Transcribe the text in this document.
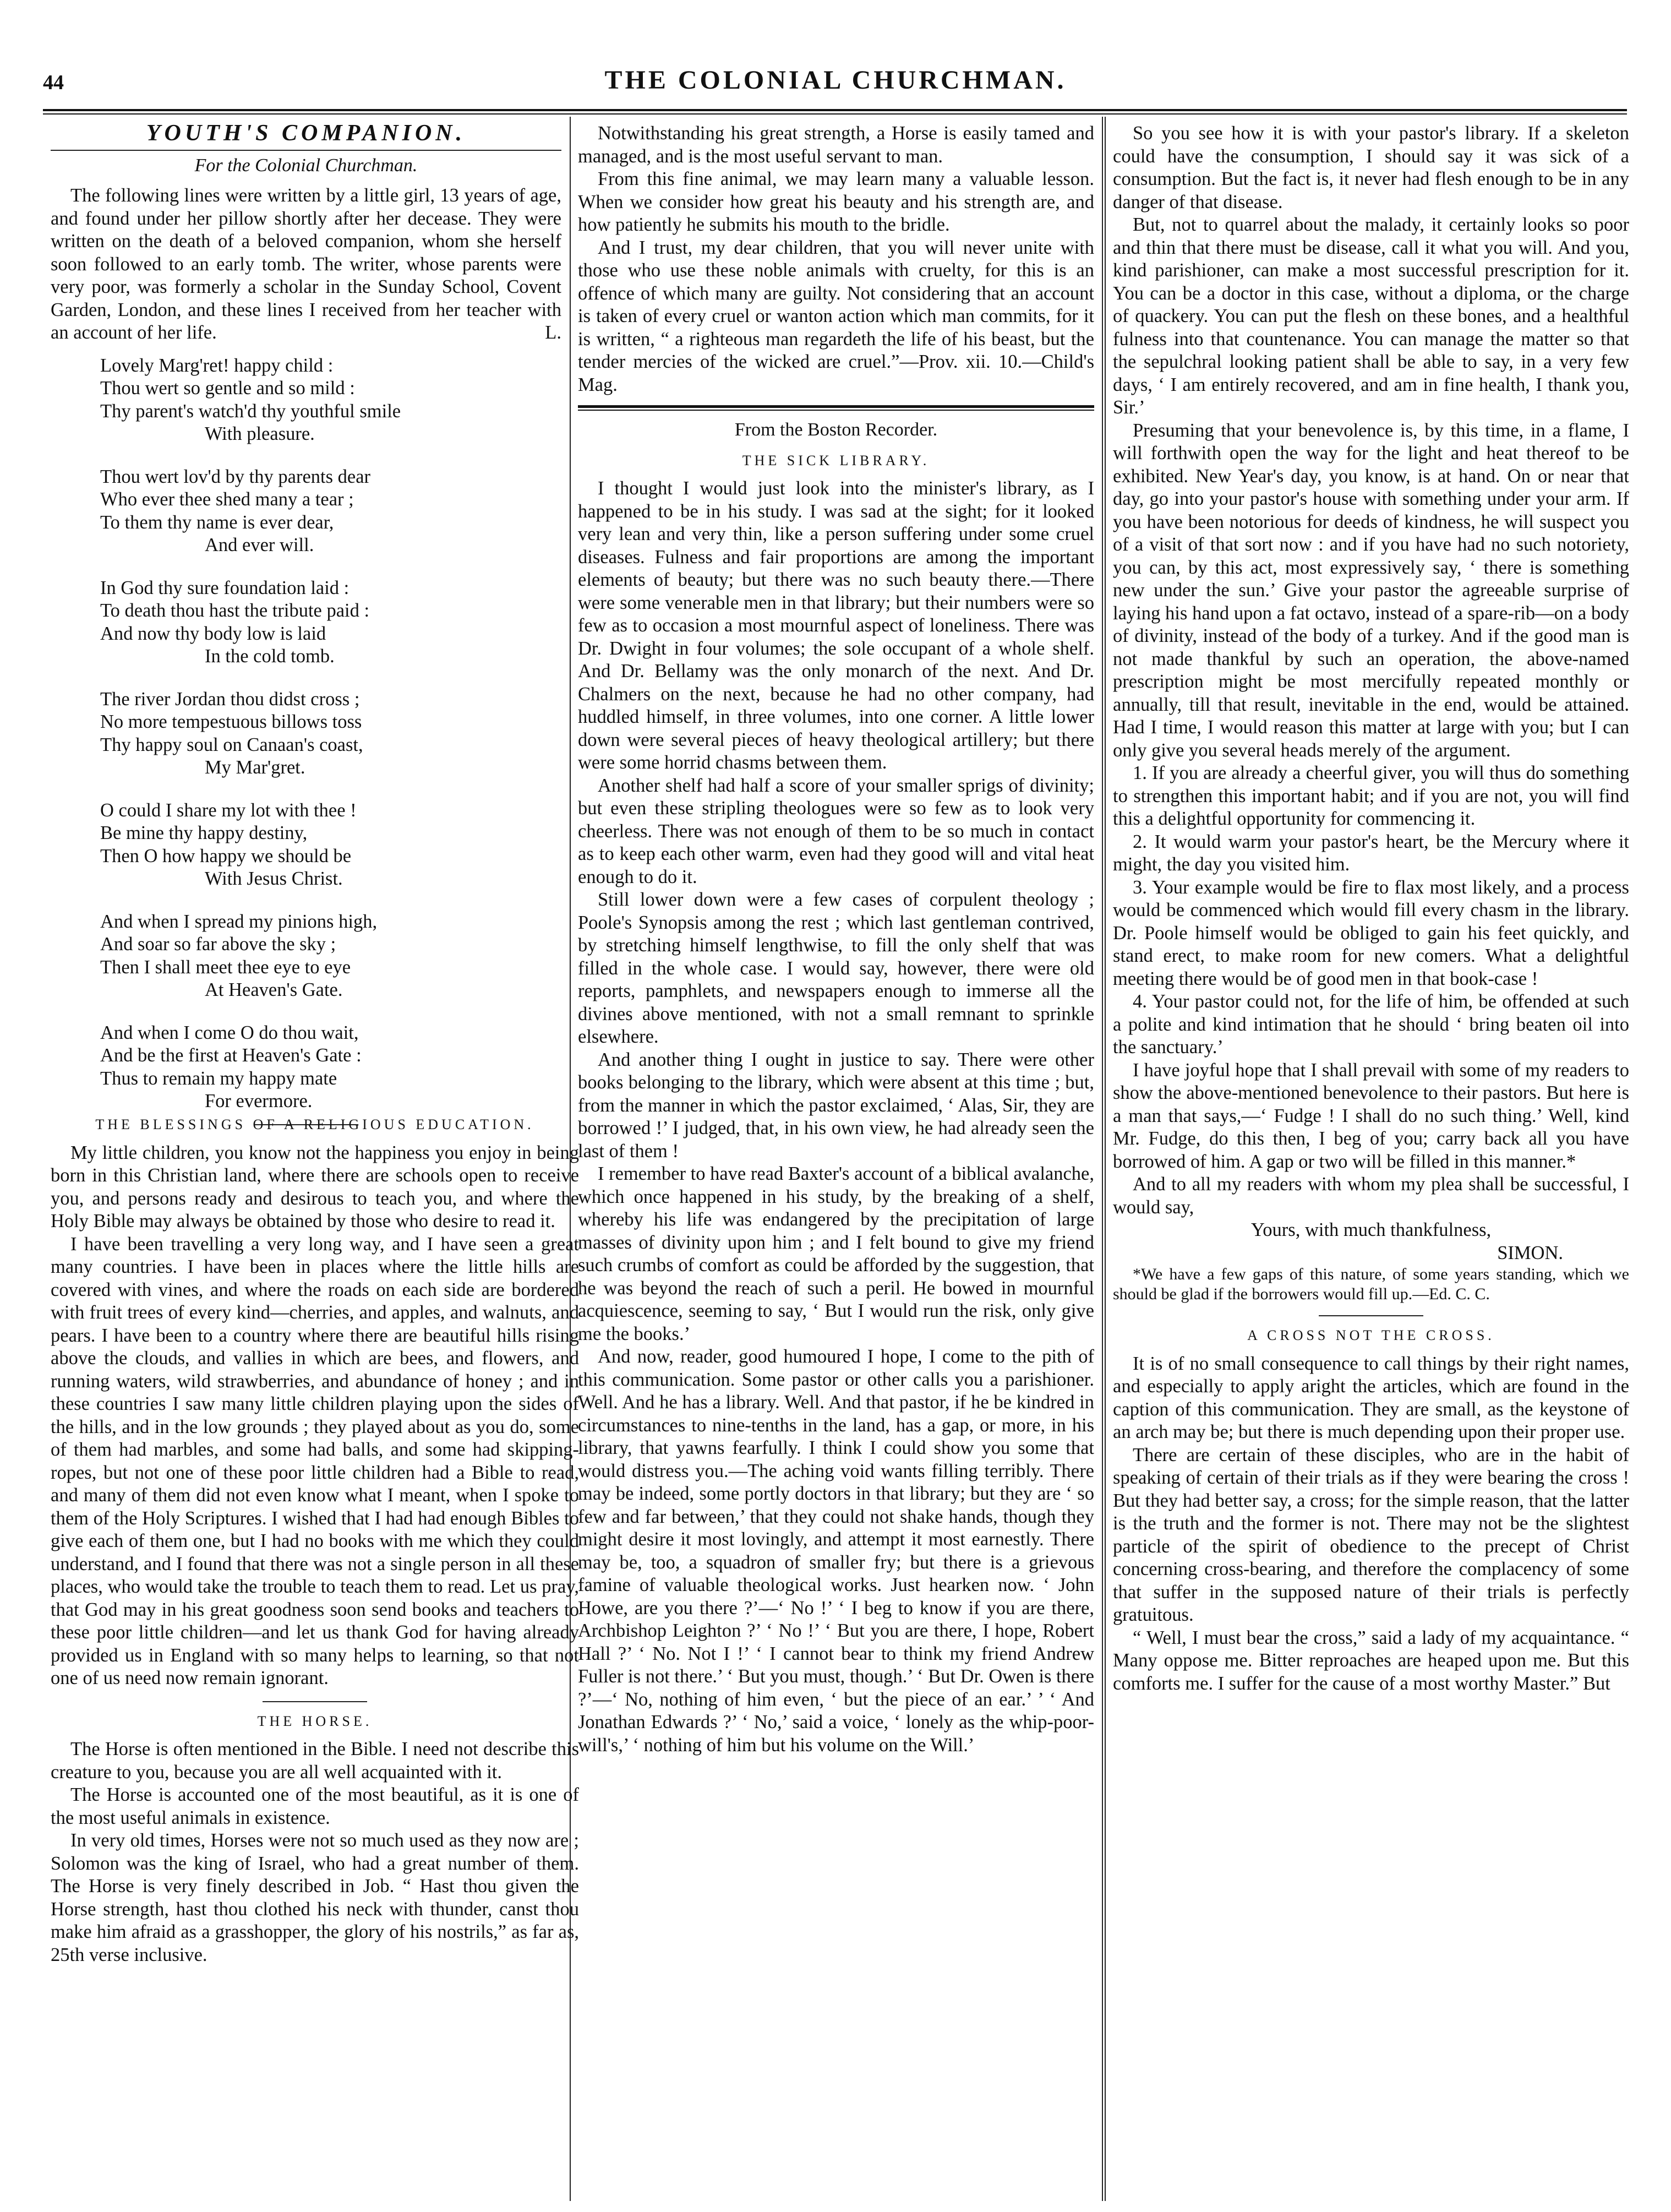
44	THE COLONIAL CHURCHMAN.
YOUTH'S COMPANION.
For the Colonial Churchman.

The following lines were written by a little girl, 13 years of age, and found under her pillow shortly after her decease. They were written on the death of a beloved companion, whom she herself soon followed to an early tomb. The writer, whose parents were very poor, was formerly a scholar in the Sunday School, Covent Garden, London, and these lines I received from her teacher with an account of her life.	L.

Lovely Marg'ret! happy child :
Thou wert so gentle and so mild :
Thy parent's watch'd thy youthful smile
With pleasure.
Thou wert lov'd by thy parents dear
Who ever thee shed many a tear ;
To them thy name is ever dear,
And ever will.
In God thy sure foundation laid :
To death thou hast the tribute paid :
And now thy body low is laid
In the cold tomb.
The river Jordan thou didst cross ;
No more tempestuous billows toss
Thy happy soul on Canaan's coast,
My Mar'gret.
O could I share my lot with thee !
Be mine thy happy destiny,
Then O how happy we should be
With Jesus Christ.
And when I spread my pinions high,
And soar so far above the sky ;
Then I shall meet thee eye to eye
At Heaven's Gate.
And when I come O do thou wait,
And be the first at Heaven's Gate :
Thus to remain my happy mate
For evermore.
THE BLESSINGS OF A RELIGIOUS EDUCATION.

My little children, you know not the happiness you enjoy in being born in this Christian land, where there are schools open to receive you, and persons ready and desirous to teach you, and where the Holy Bible may always be obtained by those who desire to read it.

I have been travelling a very long way, and I have seen a great many countries. I have been in places where the little hills are covered with vines, and where the roads on each side are bordered with fruit trees of every kind—cherries, and apples, and walnuts, and pears. I have been to a country where there are beautiful hills rising above the clouds, and vallies in which are bees, and flowers, and running waters, wild strawberries, and abundance of honey ; and in these countries I saw many little children playing upon the sides of the hills, and in the low grounds ; they played about as you do, some of them had marbles, and some had balls, and some had skipping-ropes, but not one of these poor little children had a Bible to read, and many of them did not even know what I meant, when I spoke to them of the Holy Scriptures. I wished that I had had enough Bibles to give each of them one, but I had no books with me which they could understand, and I found that there was not a single person in all these places, who would take the trouble to teach them to read. Let us pray, that God may in his great goodness soon send books and teachers to these poor little children—and let us thank God for having already provided us in England with so many helps to learning, so that not one of us need now remain ignorant.

THE HORSE.

The Horse is often mentioned in the Bible. I need not describe this creature to you, because you are all well acquainted with it.

The Horse is accounted one of the most beautiful, as it is one of the most useful animals in existence.

In very old times, Horses were not so much used as they now are ; Solomon was the king of Israel, who had a great number of them. The Horse is very finely described in Job. “ Hast thou given the Horse strength, hast thou clothed his neck with thunder, canst thou make him afraid as a grasshopper, the glory of his nostrils,” as far as, 25th verse inclusive.

Notwithstanding his great strength, a Horse is easily tamed and managed, and is the most useful servant to man.

From this fine animal, we may learn many a valuable lesson. When we consider how great his beauty and his strength are, and how patiently he submits his mouth to the bridle.

And I trust, my dear children, that you will never unite with those who use these noble animals with cruelty, for this is an offence of which many are guilty. Not considering that an account is taken of every cruel or wanton action which man commits, for it is written, “ a righteous man regardeth the life of his beast, but the tender mercies of the wicked are cruel.”—Prov. xii. 10.—Child's Mag.

From the Boston Recorder.
THE SICK LIBRARY.

I thought I would just look into the minister's library, as I happened to be in his study. I was sad at the sight; for it looked very lean and very thin, like a person suffering under some cruel diseases. Fulness and fair proportions are among the important elements of beauty; but there was no such beauty there.—There were some venerable men in that library; but their numbers were so few as to occasion a most mournful aspect of loneliness. There was Dr. Dwight in four volumes; the sole occupant of a whole shelf. And Dr. Bellamy was the only monarch of the next. And Dr. Chalmers on the next, because he had no other company, had huddled himself, in three volumes, into one corner. A little lower down were several pieces of heavy theological artillery; but there were some horrid chasms between them.

Another shelf had half a score of your smaller sprigs of divinity; but even these stripling theologues were so few as to look very cheerless. There was not enough of them to be so much in contact as to keep each other warm, even had they good will and vital heat enough to do it.

Still lower down were a few cases of corpulent theology ; Poole's Synopsis among the rest ; which last gentleman contrived, by stretching himself lengthwise, to fill the only shelf that was filled in the whole case. I would say, however, there were old reports, pamphlets, and newspapers enough to immerse all the divines above mentioned, with not a small remnant to sprinkle elsewhere.

And another thing I ought in justice to say. There were other books belonging to the library, which were absent at this time ; but, from the manner in which the pastor exclaimed, ‘ Alas, Sir, they are borrowed !’ I judged, that, in his own view, he had already seen the last of them !

I remember to have read Baxter's account of a biblical avalanche, which once happened in his study, by the breaking of a shelf, whereby his life was endangered by the precipitation of large masses of divinity upon him ; and I felt bound to give my friend such crumbs of comfort as could be afforded by the suggestion, that he was beyond the reach of such a peril. He bowed in mournful acquiescence, seeming to say, ‘ But I would run the risk, only give me the books.’

And now, reader, good humoured I hope, I come to the pith of this communication. Some pastor or other calls you a parishioner. Well. And he has a library. Well. And that pastor, if he be kindred in circumstances to nine-tenths in the land, has a gap, or more, in his library, that yawns fearfully. I think I could show you some that would distress you.—The aching void wants filling terribly. There may be indeed, some portly doctors in that library; but they are ‘ so few and far between,’ that they could not shake hands, though they might desire it most lovingly, and attempt it most earnestly. There may be, too, a squadron of smaller fry; but there is a grievous famine of valuable theological works. Just hearken now. ‘ John Howe, are you there ?’—‘ No !’ ‘ I beg to know if you are there, Archbishop Leighton ?’ ‘ No !’ ‘ But you are there, I hope, Robert Hall ?’ ‘ No. Not I !’ ‘ I cannot bear to think my friend Andrew Fuller is not there.’ ‘ But you must, though.’ ‘ But Dr. Owen is there ?’—‘ No, nothing of him even, ‘ but the piece of an ear.’ ’ ‘ And Jonathan Edwards ?’ ‘ No,’ said a voice, ‘ lonely as the whip-poor-will's,’ ‘ nothing of him but his volume on the Will.’

So you see how it is with your pastor's library. If a skeleton could have the consumption, I should say it was sick of a consumption. But the fact is, it never had flesh enough to be in any danger of that disease.

But, not to quarrel about the malady, it certainly looks so poor and thin that there must be disease, call it what you will. And you, kind parishioner, can make a most successful prescription for it. You can be a doctor in this case, without a diploma, or the charge of quackery. You can put the flesh on these bones, and a healthful fulness into that countenance. You can manage the matter so that the sepulchral looking patient shall be able to say, in a very few days, ‘ I am entirely recovered, and am in fine health, I thank you, Sir.’

Presuming that your benevolence is, by this time, in a flame, I will forthwith open the way for the light and heat thereof to be exhibited. New Year's day, you know, is at hand. On or near that day, go into your pastor's house with something under your arm. If you have been notorious for deeds of kindness, he will suspect you of a visit of that sort now : and if you have had no such notoriety, you can, by this act, most expressively say, ‘ there is something new under the sun.’ Give your pastor the agreeable surprise of laying his hand upon a fat octavo, instead of a spare-rib—on a body of divinity, instead of the body of a turkey. And if the good man is not made thankful by such an operation, the above-named prescription might be most mercifully repeated monthly or annually, till that result, inevitable in the end, would be attained. Had I time, I would reason this matter at large with you; but I can only give you several heads merely of the argument.

1. If you are already a cheerful giver, you will thus do something to strengthen this important habit; and if you are not, you will find this a delightful opportunity for commencing it.

2. It would warm your pastor's heart, be the Mercury where it might, the day you visited him.

3. Your example would be fire to flax most likely, and a process would be commenced which would fill every chasm in the library. Dr. Poole himself would be obliged to gain his feet quickly, and stand erect, to make room for new comers. What a delightful meeting there would be of good men in that book-case !

4. Your pastor could not, for the life of him, be offended at such a polite and kind intimation that he should ‘ bring beaten oil into the sanctuary.’

I have joyful hope that I shall prevail with some of my readers to show the above-mentioned benevolence to their pastors. But here is a man that says,—‘ Fudge ! I shall do no such thing.’ Well, kind Mr. Fudge, do this then, I beg of you; carry back all you have borrowed of him. A gap or two will be filled in this manner.*

And to all my readers with whom my plea shall be successful, I would say,

Yours, with much thankfulness,

SIMON.

*We have a few gaps of this nature, of some years standing, which we should be glad if the borrowers would fill up.—Ed. C. C.

A CROSS NOT THE CROSS.

It is of no small consequence to call things by their right names, and especially to apply aright the articles, which are found in the caption of this communication. They are small, as the keystone of an arch may be; but there is much depending upon their proper use.

There are certain of these disciples, who are in the habit of speaking of certain of their trials as if they were bearing the cross ! But they had better say, a cross; for the simple reason, that the latter is the truth and the former is not. There may not be the slightest particle of the spirit of obedience to the precept of Christ concerning cross-bearing, and therefore the complacency of some that suffer in the supposed nature of their trials is perfectly gratuitous.

“ Well, I must bear the cross,” said a lady of my acquaintance. “ Many oppose me. Bitter reproaches are heaped upon me. But this comforts me. I suffer for the cause of a most worthy Master.” But
